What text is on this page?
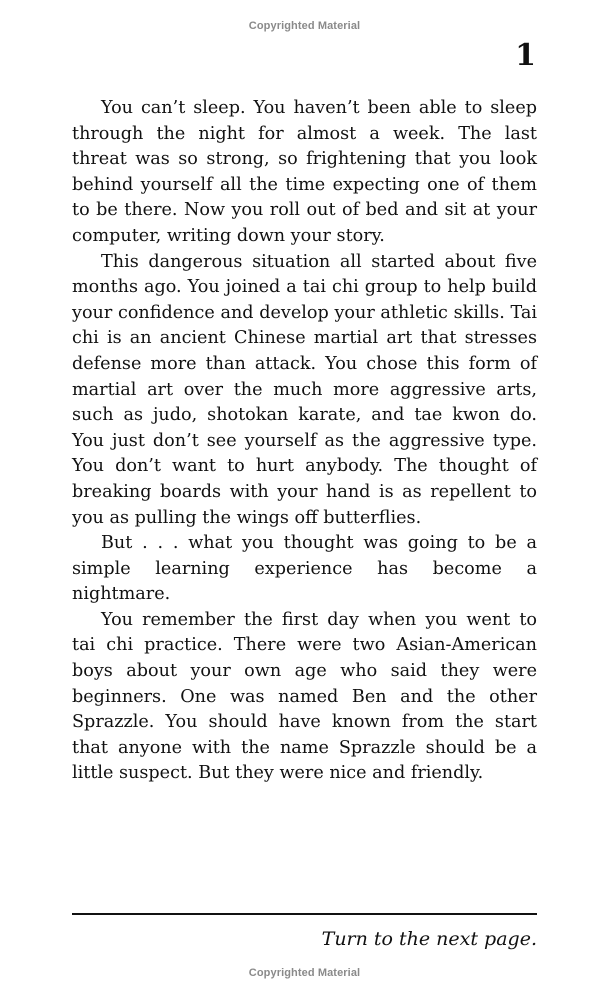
Copyrighted Material
1

You can’t sleep. You haven’t been able to sleep through the night for almost a week. The last threat was so strong, so frightening that you look behind yourself all the time expecting one of them to be there. Now you roll out of bed and sit at your computer, writing down your story.

This dangerous situation all started about five months ago. You joined a tai chi group to help build your confidence and develop your athletic skills. Tai chi is an ancient Chinese martial art that stresses defense more than attack. You chose this form of martial art over the much more aggressive arts, such as judo, shotokan karate, and tae kwon do. You just don’t see yourself as the aggressive type. You don’t want to hurt anybody. The thought of breaking boards with your hand is as repellent to you as pulling the wings off butterflies.

But . . . what you thought was going to be a simple learning experience has become a nightmare.

You remember the first day when you went to tai chi practice. There were two Asian-American boys about your own age who said they were beginners. One was named Ben and the other Sprazzle. You should have known from the start that anyone with the name Sprazzle should be a little suspect. But they were nice and friendly.

Turn to the next page.
Copyrighted Material
